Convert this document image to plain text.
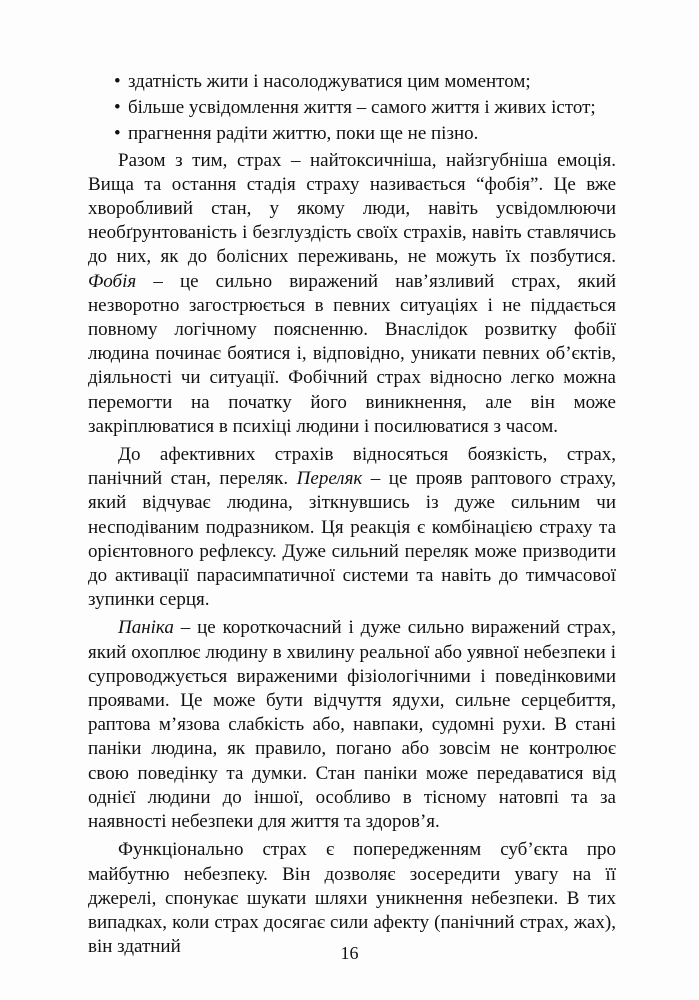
• здатність жити і насолоджуватися цим моментом;
• більше усвідомлення життя – самого життя і живих істот;
• прагнення радіти життю, поки ще не пізно.

Разом з тим, страх – найтоксичніша, найзгубніша емоція. Вища та остання стадія страху називається “фобія”. Це вже хворобливий стан, у якому люди, навіть усвідомлюючи необґрунтованість і безглуздість своїх страхів, навіть ставлячись до них, як до болісних переживань, не можуть їх позбутися. Фобія – це сильно виражений нав’язливий страх, який незворотно загострюється в певних ситуаціях і не піддається повному логічному поясненню. Внаслідок розвитку фобії людина починає боятися і, відповідно, уникати певних об’єктів, діяльності чи ситуації. Фобічний страх відносно легко можна перемогти на початку його виникнення, але він може закріплюватися в психіці людини і посилюватися з часом.

До афективних страхів відносяться боязкість, страх, панічний стан, переляк. Переляк – це прояв раптового страху, який відчуває людина, зіткнувшись із дуже сильним чи несподіваним подразником. Ця реакція є комбінацією страху та орієнтовного рефлексу. Дуже сильний переляк може призводити до активації парасимпатичної системи та навіть до тимчасової зупинки серця.

Паніка – це короткочасний і дуже сильно виражений страх, який охоплює людину в хвилину реальної або уявної небезпеки і супроводжується вираженими фізіологічними і поведінковими проявами. Це може бути відчуття ядухи, сильне серцебиття, раптова м’язова слабкість або, навпаки, судомні рухи. В стані паніки людина, як правило, погано або зовсім не контролює свою поведінку та думки. Стан паніки може передаватися від однієї людини до іншої, особливо в тісному натовпі та за наявності небезпеки для життя та здоров’я.

Функціонально страх є попередженням суб’єкта про майбутню небезпеку. Він дозволяє зосередити увагу на її джерелі, спонукає шукати шляхи уникнення небезпеки. В тих випадках, коли страх досягає сили афекту (панічний страх, жах), він здатний	16
